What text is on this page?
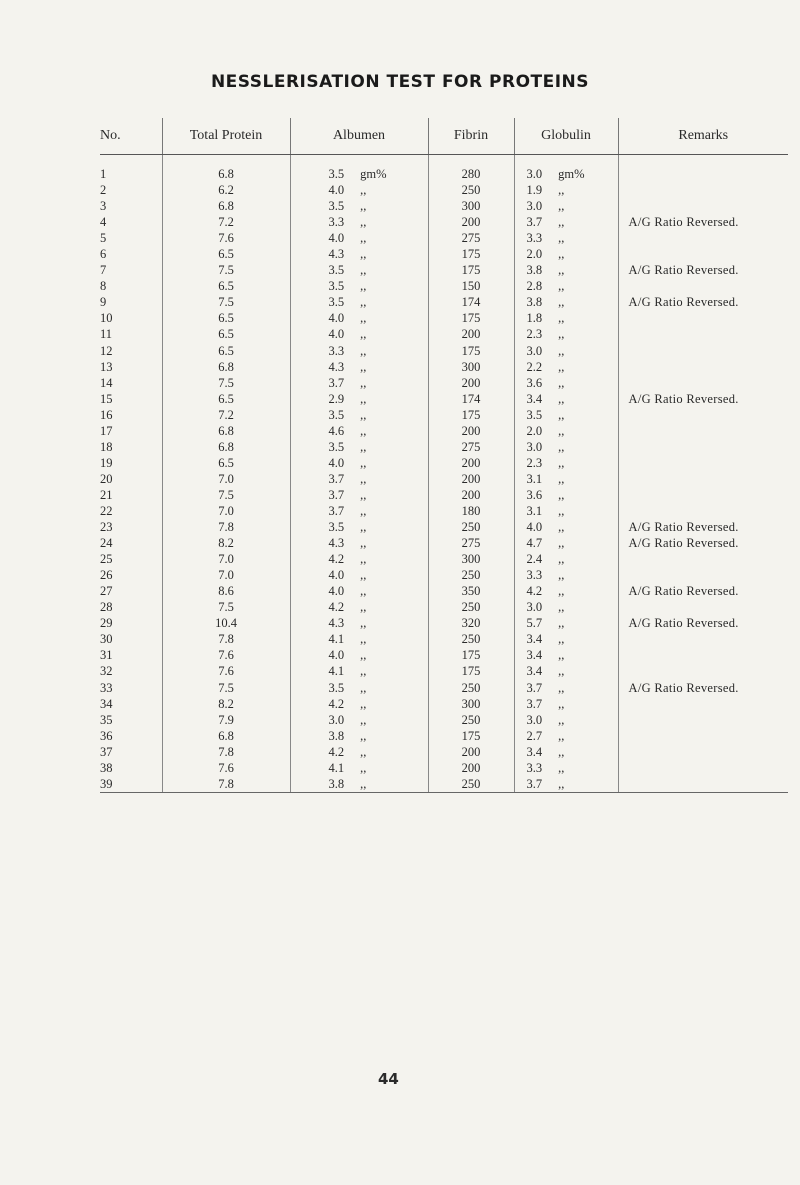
NESSLERISATION TEST FOR PROTEINS
No.	Total Protein	Albumen	Fibrin	Globulin	Remarks

1	6.8	3.5 gm%	280	3.0 gm%	
2	6.2	4.0 ,,	250	1.9 ,,	
3	6.8	3.5 ,,	300	3.0 ,,	
4	7.2	3.3 ,,	200	3.7 ,,	A/G Ratio Reversed.
5	7.6	4.0 ,,	275	3.3 ,,	
6	6.5	4.3 ,,	175	2.0 ,,	
7	7.5	3.5 ,,	175	3.8 ,,	A/G Ratio Reversed.
8	6.5	3.5 ,,	150	2.8 ,,	
9	7.5	3.5 ,,	174	3.8 ,,	A/G Ratio Reversed.
10	6.5	4.0 ,,	175	1.8 ,,	
11	6.5	4.0 ,,	200	2.3 ,,	
12	6.5	3.3 ,,	175	3.0 ,,	
13	6.8	4.3 ,,	300	2.2 ,,	
14	7.5	3.7 ,,	200	3.6 ,,	
15	6.5	2.9 ,,	174	3.4 ,,	A/G Ratio Reversed.
16	7.2	3.5 ,,	175	3.5 ,,	
17	6.8	4.6 ,,	200	2.0 ,,	
18	6.8	3.5 ,,	275	3.0 ,,	
19	6.5	4.0 ,,	200	2.3 ,,	
20	7.0	3.7 ,,	200	3.1 ,,	
21	7.5	3.7 ,,	200	3.6 ,,	
22	7.0	3.7 ,,	180	3.1 ,,	
23	7.8	3.5 ,,	250	4.0 ,,	A/G Ratio Reversed.
24	8.2	4.3 ,,	275	4.7 ,,	A/G Ratio Reversed.
25	7.0	4.2 ,,	300	2.4 ,,	
26	7.0	4.0 ,,	250	3.3 ,,	
27	8.6	4.0 ,,	350	4.2 ,,	A/G Ratio Reversed.
28	7.5	4.2 ,,	250	3.0 ,,	
29	10.4	4.3 ,,	320	5.7 ,,	A/G Ratio Reversed.
30	7.8	4.1 ,,	250	3.4 ,,	
31	7.6	4.0 ,,	175	3.4 ,,	
32	7.6	4.1 ,,	175	3.4 ,,	
33	7.5	3.5 ,,	250	3.7 ,,	A/G Ratio Reversed.
34	8.2	4.2 ,,	300	3.7 ,,	
35	7.9	3.0 ,,	250	3.0 ,,	
36	6.8	3.8 ,,	175	2.7 ,,	
37	7.8	4.2 ,,	200	3.4 ,,	
38	7.6	4.1 ,,	200	3.3 ,,	
39	7.8	3.8 ,,	250	3.7 ,,	
44
